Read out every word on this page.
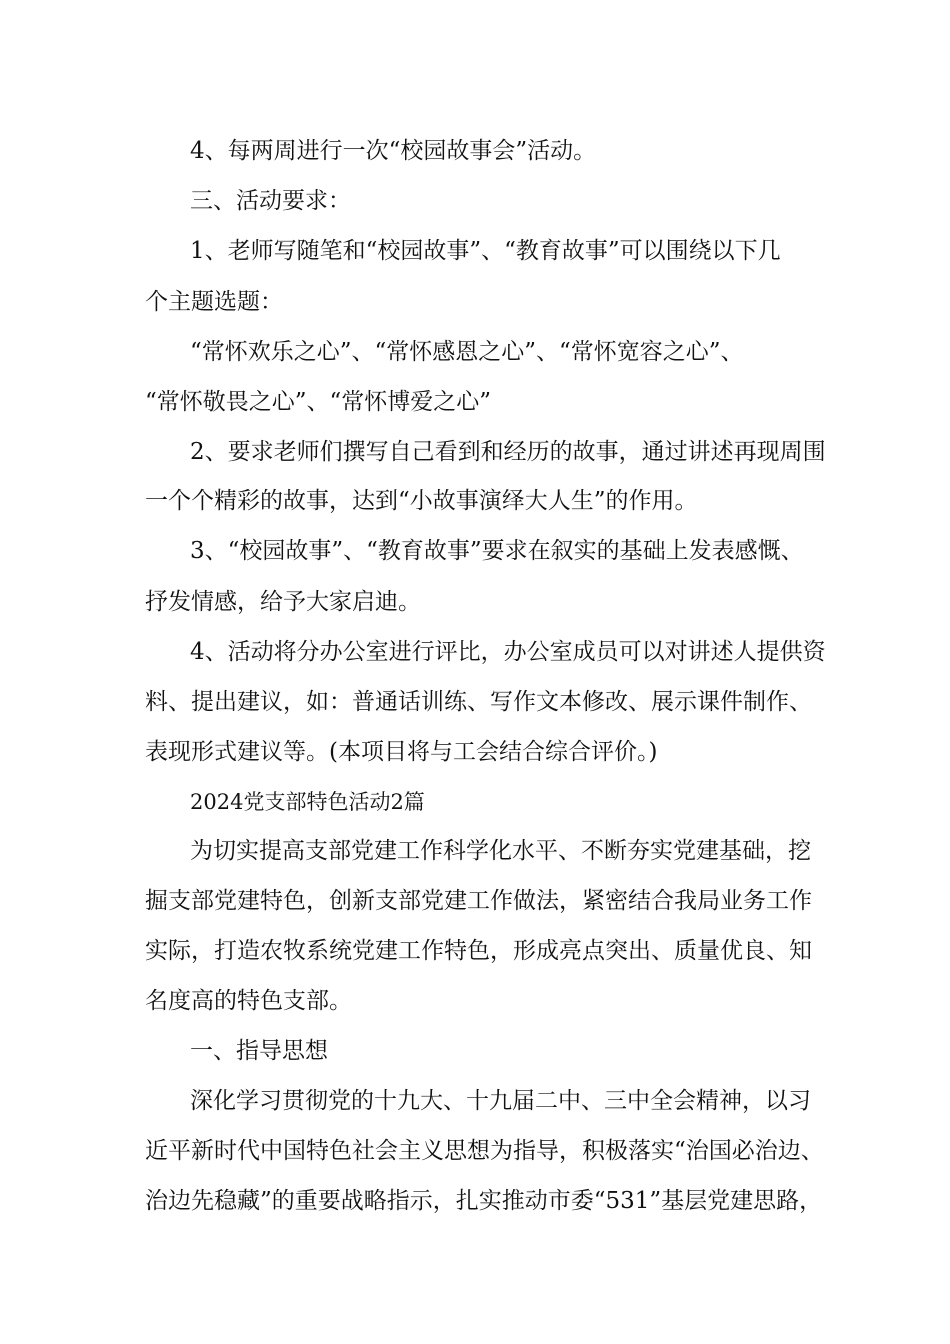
4、每两周进行一次“校园故事会”活动。
三、活动要求：
1、老师写随笔和“校园故事”、“教育故事”可以围绕以下几
个主题选题：
“常怀欢乐之心”、“常怀感恩之心”、“常怀宽容之心”、
“常怀敬畏之心”、“常怀博爱之心”
2、要求老师们撰写自己看到和经历的故事，通过讲述再现周围
一个个精彩的故事，达到“小故事演绎大人生”的作用。
3、“校园故事”、“教育故事”要求在叙实的基础上发表感慨、
抒发情感，给予大家启迪。
4、活动将分办公室进行评比，办公室成员可以对讲述人提供资
料、提出建议，如：普通话训练、写作文本修改、展示课件制作、
表现形式建议等。(本项目将与工会结合综合评价。)
2024党支部特色活动2篇
为切实提高支部党建工作科学化水平、不断夯实党建基础，挖
掘支部党建特色，创新支部党建工作做法，紧密结合我局业务工作
实际，打造农牧系统党建工作特色，形成亮点突出、质量优良、知
名度高的特色支部。
一、指导思想
深化学习贯彻党的十九大、十九届二中、三中全会精神，以习
近平新时代中国特色社会主义思想为指导，积极落实“治国必治边、
治边先稳藏”的重要战略指示，扎实推动市委“531”基层党建思路，
